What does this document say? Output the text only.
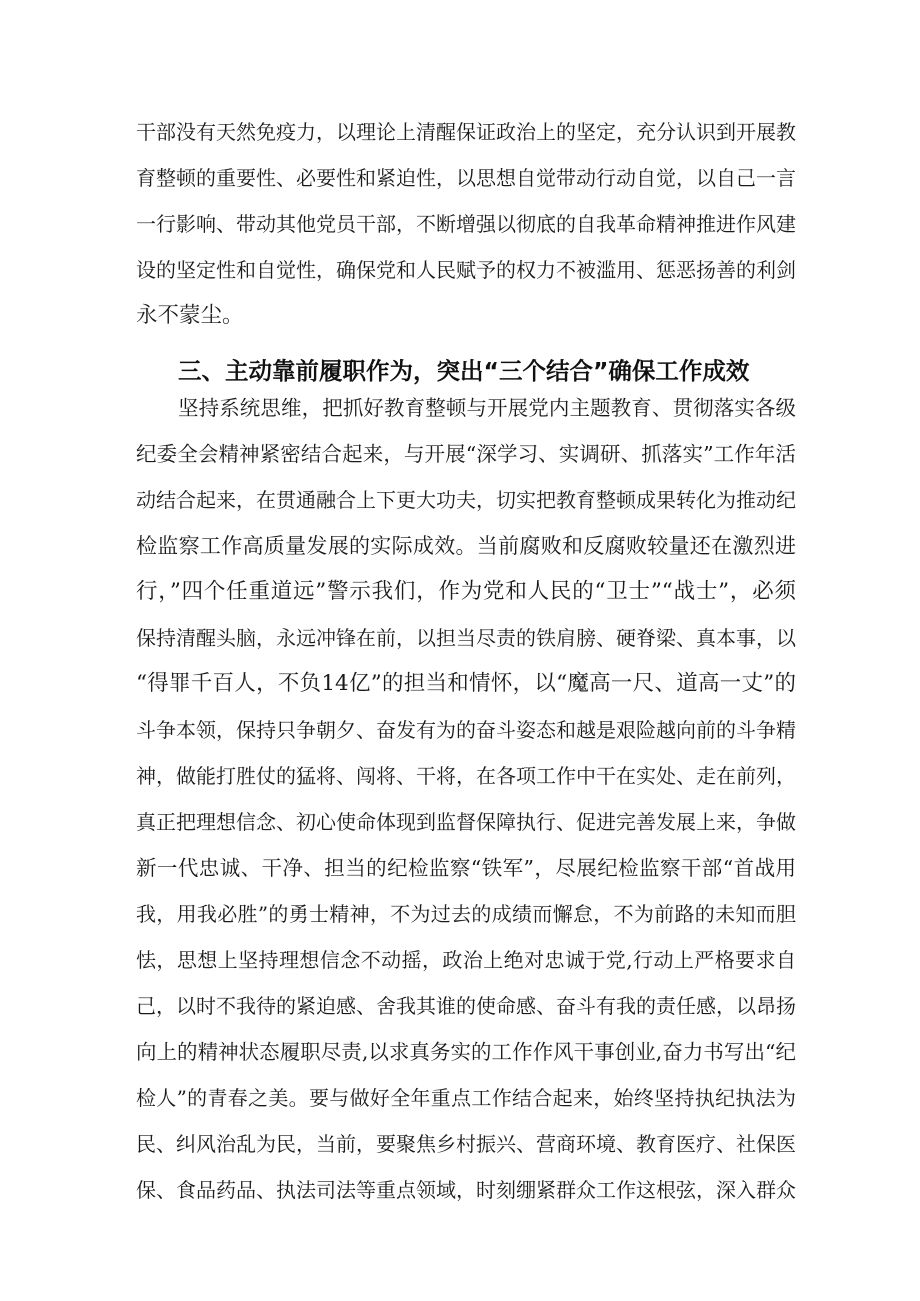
干部没有天然免疫力，以理论上清醒保证政治上的坚定，充分认识到开展教
育整顿的重要性、必要性和紧迫性，以思想自觉带动行动自觉，以自己一言
一行影响、带动其他党员干部，不断增强以彻底的自我革命精神推进作风建
设的坚定性和自觉性，确保党和人民赋予的权力不被滥用、惩恶扬善的利剑
永不蒙尘。
三、主动靠前履职作为，突出“三个结合”确保工作成效
坚持系统思维，把抓好教育整顿与开展党内主题教育、贯彻落实各级
纪委全会精神紧密结合起来，与开展“深学习、实调研、抓落实”工作年活
动结合起来，在贯通融合上下更大功夫，切实把教育整顿成果转化为推动纪
检监察工作高质量发展的实际成效。当前腐败和反腐败较量还在激烈进
行，”四个任重道远”警示我们，作为党和人民的“卫士”“战士”，必须
保持清醒头脑，永远冲锋在前，以担当尽责的铁肩膀、硬脊梁、真本事，以
“得罪千百人，不负14亿”的担当和情怀，以“魔高一尺、道高一丈”的
斗争本领，保持只争朝夕、奋发有为的奋斗姿态和越是艰险越向前的斗争精
神，做能打胜仗的猛将、闯将、干将，在各项工作中干在实处、走在前列，
真正把理想信念、初心使命体现到监督保障执行、促进完善发展上来，争做
新一代忠诚、干净、担当的纪检监察“铁军”，尽展纪检监察干部“首战用
我，用我必胜”的勇士精神，不为过去的成绩而懈怠，不为前路的未知而胆
怯，思想上坚持理想信念不动摇，政治上绝对忠诚于党,行动上严格要求自
己，以时不我待的紧迫感、舍我其谁的使命感、奋斗有我的责任感，以昂扬
向上的精神状态履职尽责,以求真务实的工作作风干事创业,奋力书写出“纪
检人”的青春之美。要与做好全年重点工作结合起来，始终坚持执纪执法为
民、纠风治乱为民，当前，要聚焦乡村振兴、营商环境、教育医疗、社保医
保、食品药品、执法司法等重点领域，时刻绷紧群众工作这根弦，深入群众
